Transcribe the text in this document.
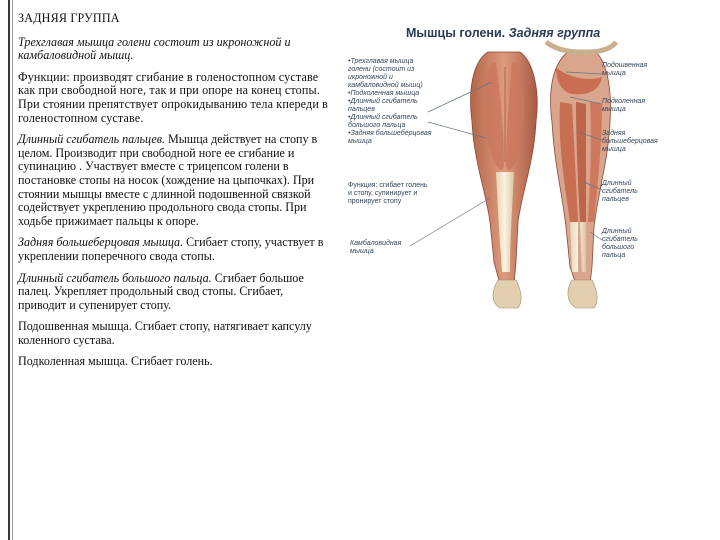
ЗАДНЯЯ ГРУППА

Трехглавая мышца голени состоит из икроножной и камбаловидной мышц.

Функции: производят сгибание в голеностопном суставе как при свободной ноге, так и при опоре на конец стопы. При стоянии препятствует опрокидыванию тела кпереди в голеностопном суставе.

Длинный сгибатель пальцев. Мышца действует на стопу в целом. Производит при свободной ноге ее сгибание и супинацию . Участвует вместе с трицепсом голени в постановке стопы на носок (хождение на цыпочках). При стоянии мышцы вместе с длинной подошвенной связкой содействует укреплению продольного свода стопы. При ходьбе прижимает пальцы к опоре.

Задняя большеберцовая мышца. Сгибает стопу, участвует в укреплении поперечного свода стопы.

Длинный сгибатель большого пальца. Сгибает большое палец. Укрепляет продольный свод стопы. Сгибает, приводит и супенирует стопу.

Подошвенная мышца. Сгибает стопу, натягивает капсулу коленного сустава.

Подколенная мышца. Сгибает голень.

Мышцы голени. Задняя группа
•Трехглавая мышца
голени (состоит из
икроножной и
камбаловидной мышц)
•Подколенная мышца
•Длинный сгибатель
пальцев
•Длинный сгибатель
большого пальца
•Задняя большеберцовая
мышца
Функция: сгибает голень
и стопу, супинирует и
пронирует стопу
Камбаловидная
мышца
Подошвенная
мышца
Подколенная
мышца
Задняя
большеберцовая
мышца
Длинный
сгибатель
пальцев
Длинный
сгибатель
большого
пальца
